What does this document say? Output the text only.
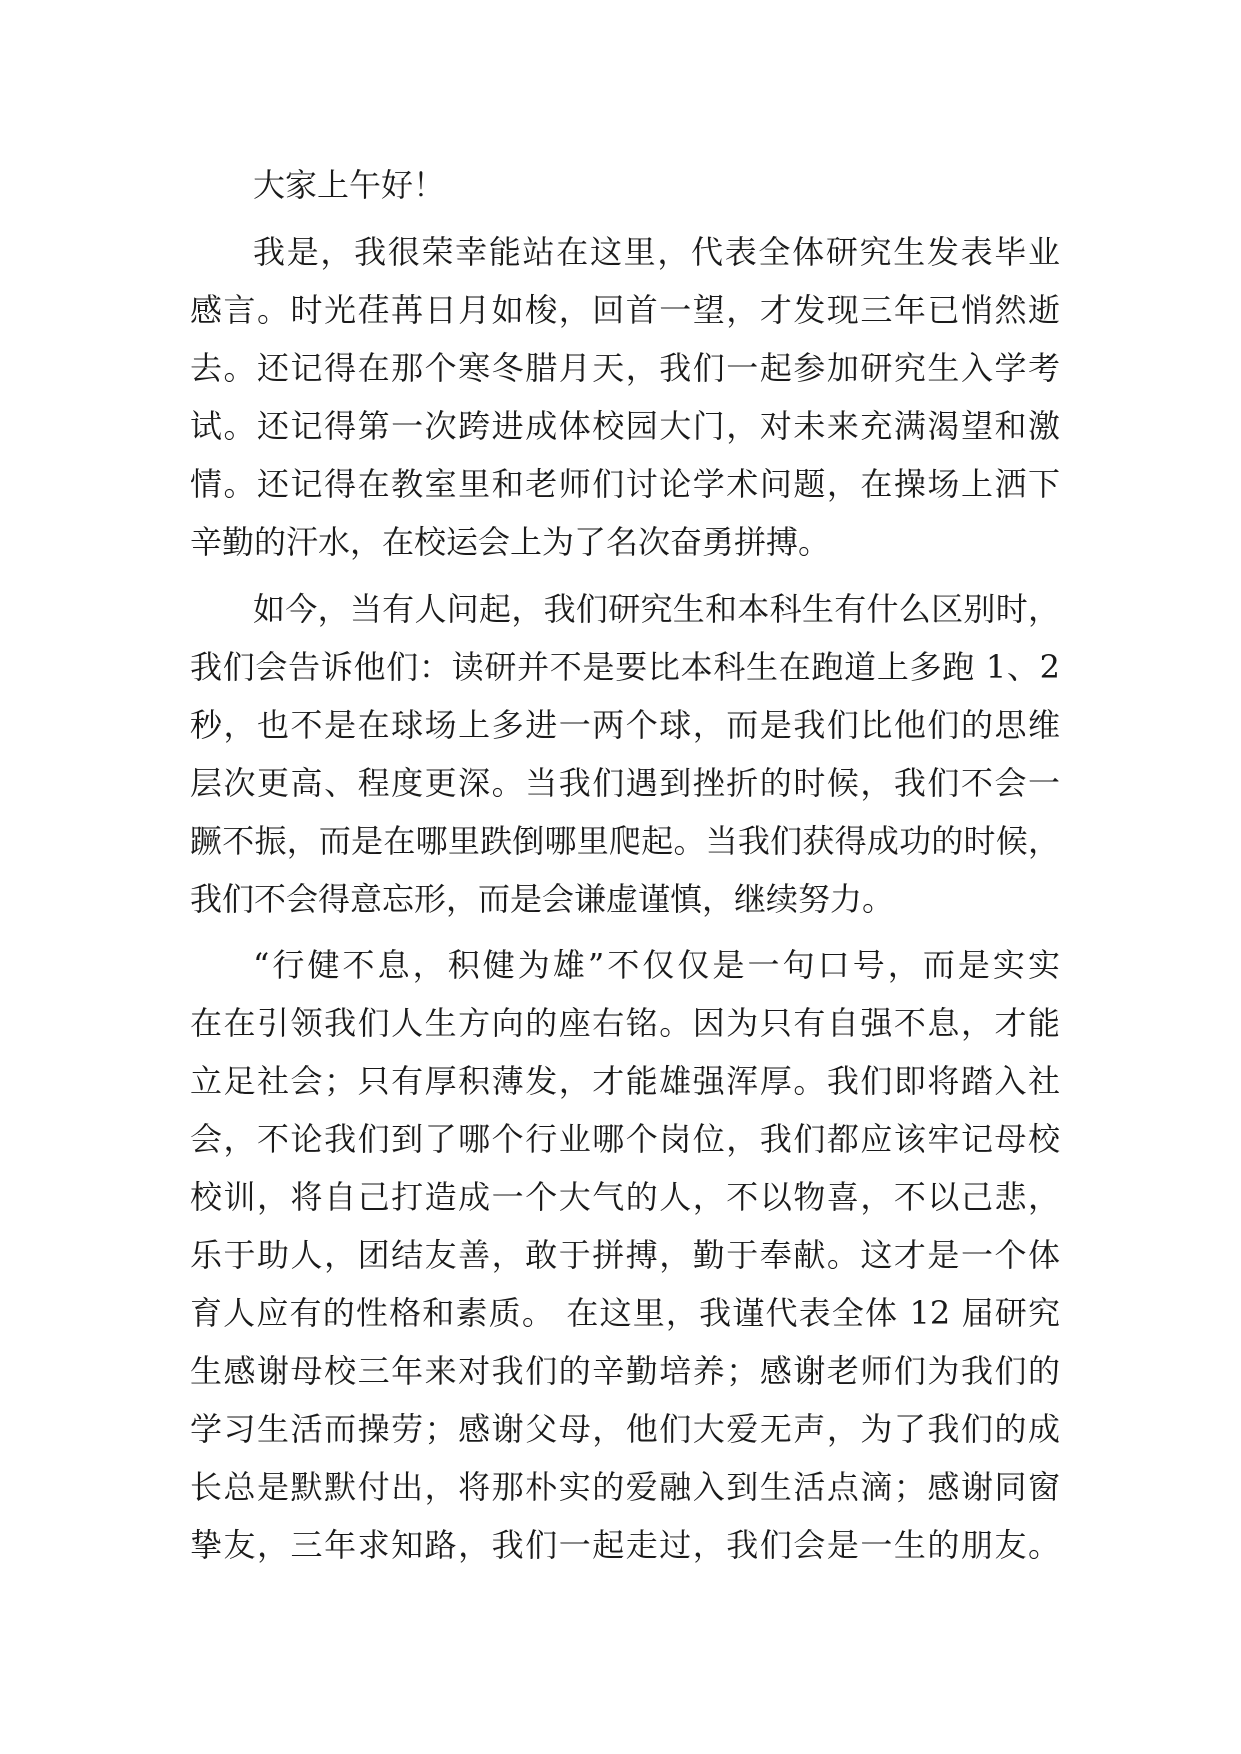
大家上午好！
我是，我很荣幸能站在这里，代表全体研究生发表毕业
感言。时光荏苒日月如梭，回首一望，才发现三年已悄然逝
去。还记得在那个寒冬腊月天，我们一起参加研究生入学考
试。还记得第一次跨进成体校园大门，对未来充满渴望和激
情。还记得在教室里和老师们讨论学术问题，在操场上洒下
辛勤的汗水，在校运会上为了名次奋勇拼搏。
如今，当有人问起，我们研究生和本科生有什么区别时，
我们会告诉他们：读研并不是要比本科生在跑道上多跑 1、2
秒，也不是在球场上多进一两个球，而是我们比他们的思维
层次更高、程度更深。当我们遇到挫折的时候，我们不会一
蹶不振，而是在哪里跌倒哪里爬起。当我们获得成功的时候，
我们不会得意忘形，而是会谦虚谨慎，继续努力。
“行健不息，积健为雄”不仅仅是一句口号，而是实实
在在引领我们人生方向的座右铭。因为只有自强不息，才能
立足社会；只有厚积薄发，才能雄强浑厚。我们即将踏入社
会，不论我们到了哪个行业哪个岗位，我们都应该牢记母校
校训，将自己打造成一个大气的人，不以物喜，不以己悲，
乐于助人，团结友善，敢于拼搏，勤于奉献。这才是一个体
育人应有的性格和素质。 在这里，我谨代表全体 12 届研究
生感谢母校三年来对我们的辛勤培养；感谢老师们为我们的
学习生活而操劳；感谢父母，他们大爱无声，为了我们的成
长总是默默付出，将那朴实的爱融入到生活点滴；感谢同窗
挚友，三年求知路，我们一起走过，我们会是一生的朋友。
